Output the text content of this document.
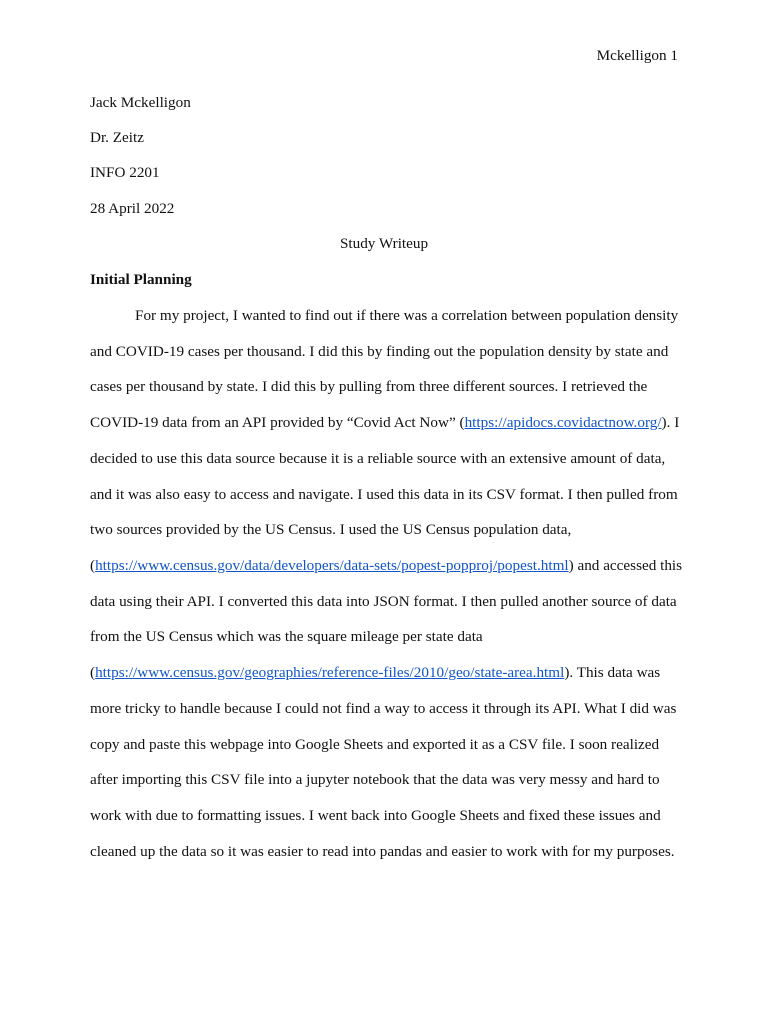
Mckelligon 1
Jack Mckelligon
Dr. Zeitz
INFO 2201
28 April 2022
Study Writeup
Initial Planning
For my project, I wanted to find out if there was a correlation between population density
and COVID-19 cases per thousand. I did this by finding out the population density by state and
cases per thousand by state. I did this by pulling from three different sources. I retrieved the
COVID-19 data from an API provided by “Covid Act Now” (https://apidocs.covidactnow.org/). I
decided to use this data source because it is a reliable source with an extensive amount of data,
and it was also easy to access and navigate. I used this data in its CSV format. I then pulled from
two sources provided by the US Census. I used the US Census population data,
(https://www.census.gov/data/developers/data-sets/popest-popproj/popest.html) and accessed this
data using their API. I converted this data into JSON format. I then pulled another source of data
from the US Census which was the square mileage per state data
(https://www.census.gov/geographies/reference-files/2010/geo/state-area.html). This data was
more tricky to handle because I could not find a way to access it through its API. What I did was
copy and paste this webpage into Google Sheets and exported it as a CSV file. I soon realized
after importing this CSV file into a jupyter notebook that the data was very messy and hard to
work with due to formatting issues. I went back into Google Sheets and fixed these issues and
cleaned up the data so it was easier to read into pandas and easier to work with for my purposes.
